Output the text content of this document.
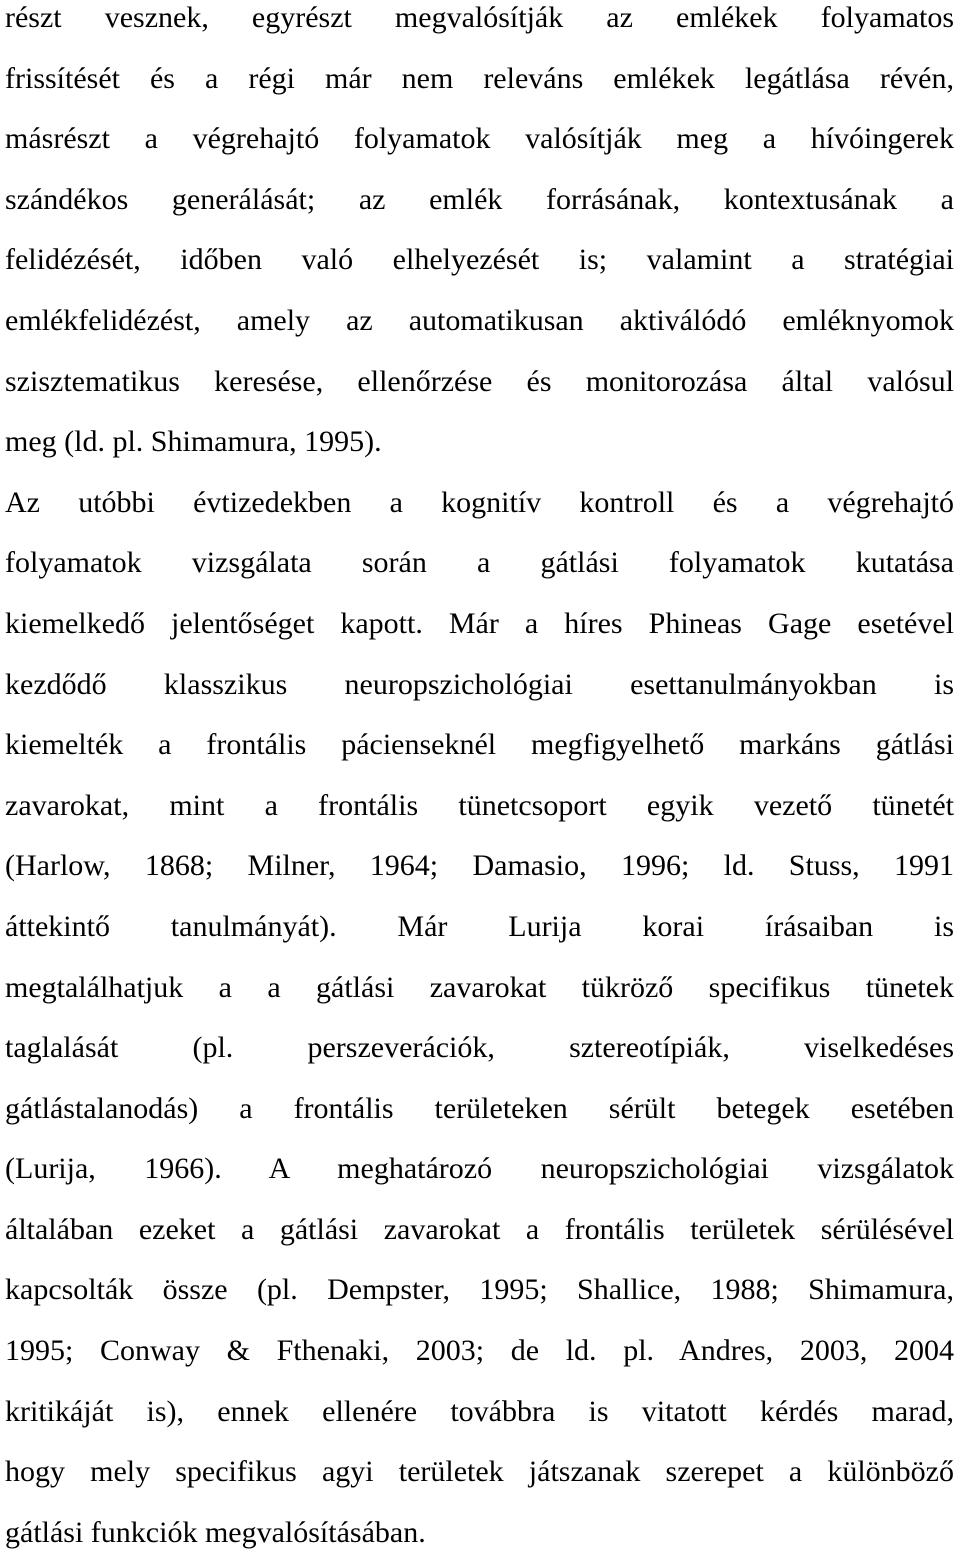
részt vesznek, egyrészt megvalósítják az emlékek folyamatos
frissítését és a régi már nem releváns emlékek legátlása révén,
másrészt a végrehajtó folyamatok valósítják meg a hívóingerek
szándékos generálását; az emlék forrásának, kontextusának a
felidézését, időben való elhelyezését is; valamint a stratégiai
emlékfelidézést, amely az automatikusan aktiválódó emléknyomok
szisztematikus keresése, ellenőrzése és monitorozása által valósul
meg (ld. pl. Shimamura, 1995).

Az utóbbi évtizedekben a kognitív kontroll és a végrehajtó
folyamatok vizsgálata során a gátlási folyamatok kutatása
kiemelkedő jelentőséget kapott. Már a híres Phineas Gage esetével
kezdődő klasszikus neuropszichológiai esettanulmányokban is
kiemelték a frontális pácienseknél megfigyelhető markáns gátlási
zavarokat, mint a frontális tünetcsoport egyik vezető tünetét
(Harlow, 1868; Milner, 1964; Damasio, 1996; ld. Stuss, 1991
áttekintő tanulmányát). Már Lurija korai írásaiban is
megtalálhatjuk a a gátlási zavarokat tükröző specifikus tünetek
taglalását (pl. perszeverációk, sztereotípiák, viselkedéses
gátlástalanodás) a frontális területeken sérült betegek esetében
(Lurija, 1966). A meghatározó neuropszichológiai vizsgálatok
általában ezeket a gátlási zavarokat a frontális területek sérülésével
kapcsolták össze (pl. Dempster, 1995; Shallice, 1988; Shimamura,
1995; Conway & Fthenaki, 2003; de ld. pl. Andres, 2003, 2004
kritikáját is), ennek ellenére továbbra is vitatott kérdés marad,
hogy mely specifikus agyi területek játszanak szerepet a különböző
gátlási funkciók megvalósításában.
